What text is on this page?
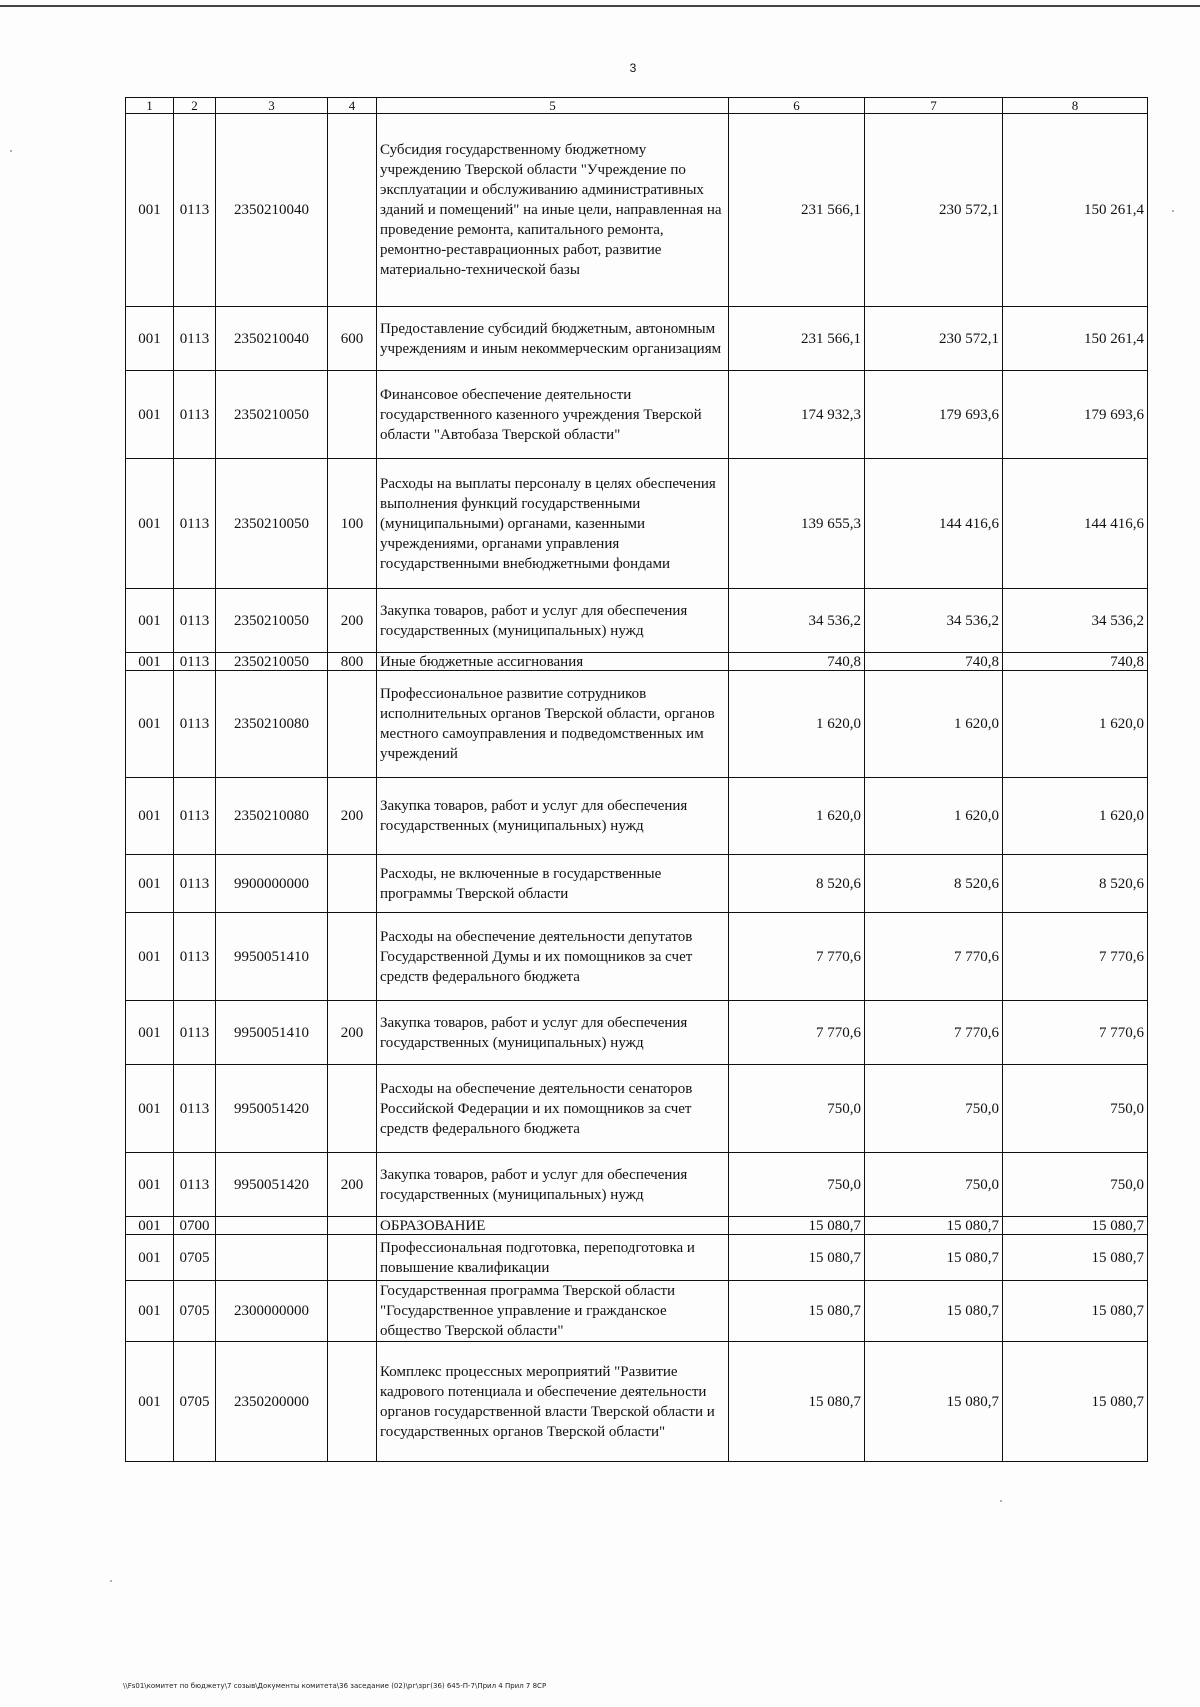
3
1	2	3	4	5	6	7	8
001	0113	2350210040		Субсидия государственному бюджетному учреждению Тверской области "Учреждение по эксплуатации и обслуживанию административных зданий и помещений" на иные цели, направленная на проведение ремонта, капитального ремонта, ремонтно-реставрационных работ, развитие материально-технической базы	231 566,1	230 572,1	150 261,4
001	0113	2350210040	600	Предоставление субсидий бюджетным, автономным учреждениям и иным некоммерческим организациям	231 566,1	230 572,1	150 261,4
001	0113	2350210050		Финансовое обеспечение деятельности государственного казенного учреждения Тверской области "Автобаза Тверской области"	174 932,3	179 693,6	179 693,6
001	0113	2350210050	100	Расходы на выплаты персоналу в целях обеспечения выполнения функций государственными (муниципальными) органами, казенными учреждениями, органами управления государственными внебюджетными фондами	139 655,3	144 416,6	144 416,6
001	0113	2350210050	200	Закупка товаров, работ и услуг для обеспечения государственных (муниципальных) нужд	34 536,2	34 536,2	34 536,2
001	0113	2350210050	800	Иные бюджетные ассигнования	740,8	740,8	740,8
001	0113	2350210080		Профессиональное развитие сотрудников исполнительных органов Тверской области, органов местного самоуправления и подведомственных им учреждений	1 620,0	1 620,0	1 620,0
001	0113	2350210080	200	Закупка товаров, работ и услуг для обеспечения государственных (муниципальных) нужд	1 620,0	1 620,0	1 620,0
001	0113	9900000000		Расходы, не включенные в государственные программы Тверской области	8 520,6	8 520,6	8 520,6
001	0113	9950051410		Расходы на обеспечение деятельности депутатов Государственной Думы и их помощников за счет средств федерального бюджета	7 770,6	7 770,6	7 770,6
001	0113	9950051410	200	Закупка товаров, работ и услуг для обеспечения государственных (муниципальных) нужд	7 770,6	7 770,6	7 770,6
001	0113	9950051420		Расходы на обеспечение деятельности сенаторов Российской Федерации и их помощников за счет средств федерального бюджета	750,0	750,0	750,0
001	0113	9950051420	200	Закупка товаров, работ и услуг для обеспечения государственных (муниципальных) нужд	750,0	750,0	750,0
001	0700			ОБРАЗОВАНИЕ	15 080,7	15 080,7	15 080,7
001	0705			Профессиональная подготовка, переподготовка и повышение квалификации	15 080,7	15 080,7	15 080,7
001	0705	2300000000		Государственная программа Тверской области "Государственное управление и гражданское общество Тверской области"	15 080,7	15 080,7	15 080,7
001	0705	2350200000		Комплекс процессных мероприятий "Развитие кадрового потенциала и обеспечение деятельности органов государственной власти Тверской области и государственных органов Тверской области"	15 080,7	15 080,7	15 080,7
\\Fs01\комитет по бюджету\7 созыв\Документы комитета\36 заседание (02)\рг\зрг(36) 645-П-7\Прил 4 Прил 7 8СР
